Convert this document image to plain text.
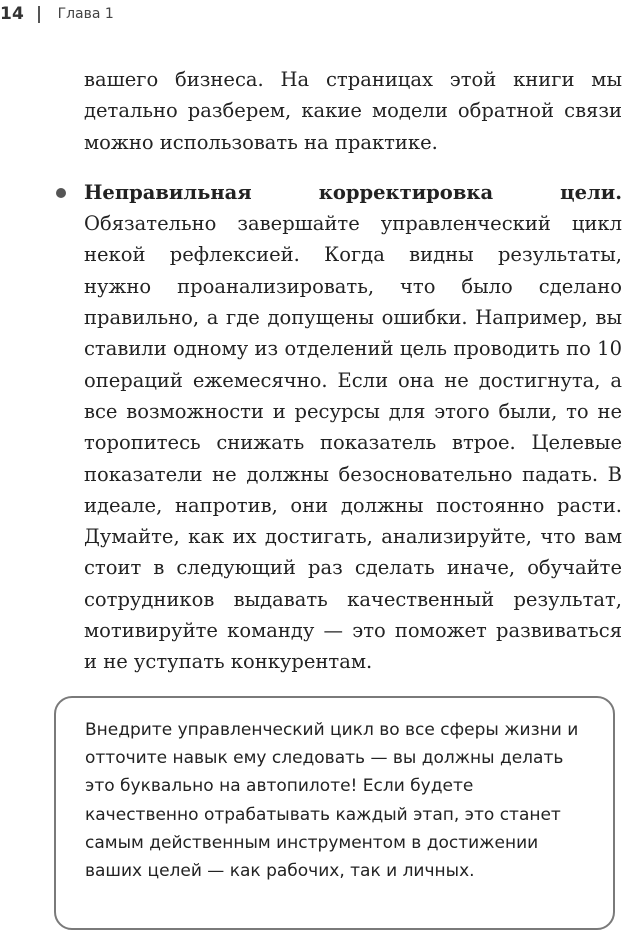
14 Глава 1

вашего бизнеса. На страницах этой книги мы детально разберем, какие модели обратной связи можно использовать на практике.

Неправильная корректировка цели. Обязательно завершайте управленческий цикл некой рефлексией. Когда видны результаты, нужно проанализировать, что было сделано правильно, а где допущены ошибки. Например, вы ставили одному из отделений цель проводить по 10 операций ежемесячно. Если она не достигнута, а все возможности и ресурсы для этого были, то не торопитесь снижать показатель втрое. Целевые показатели не должны безосновательно падать. В идеале, напротив, они должны постоянно расти. Думайте, как их достигать, анализируйте, что вам стоит в следующий раз сделать иначе, обучайте сотрудников выдавать качественный результат, мотивируйте команду — это поможет развиваться и не уступать конкурентам.

Внедрите управленческий цикл во все сферы жизни и отточите навык ему следовать — вы должны делать это буквально на автопилоте! Если будете качественно отрабатывать каждый этап, это станет самым действенным инструментом в достижении ваших целей — как рабочих, так и личных.
